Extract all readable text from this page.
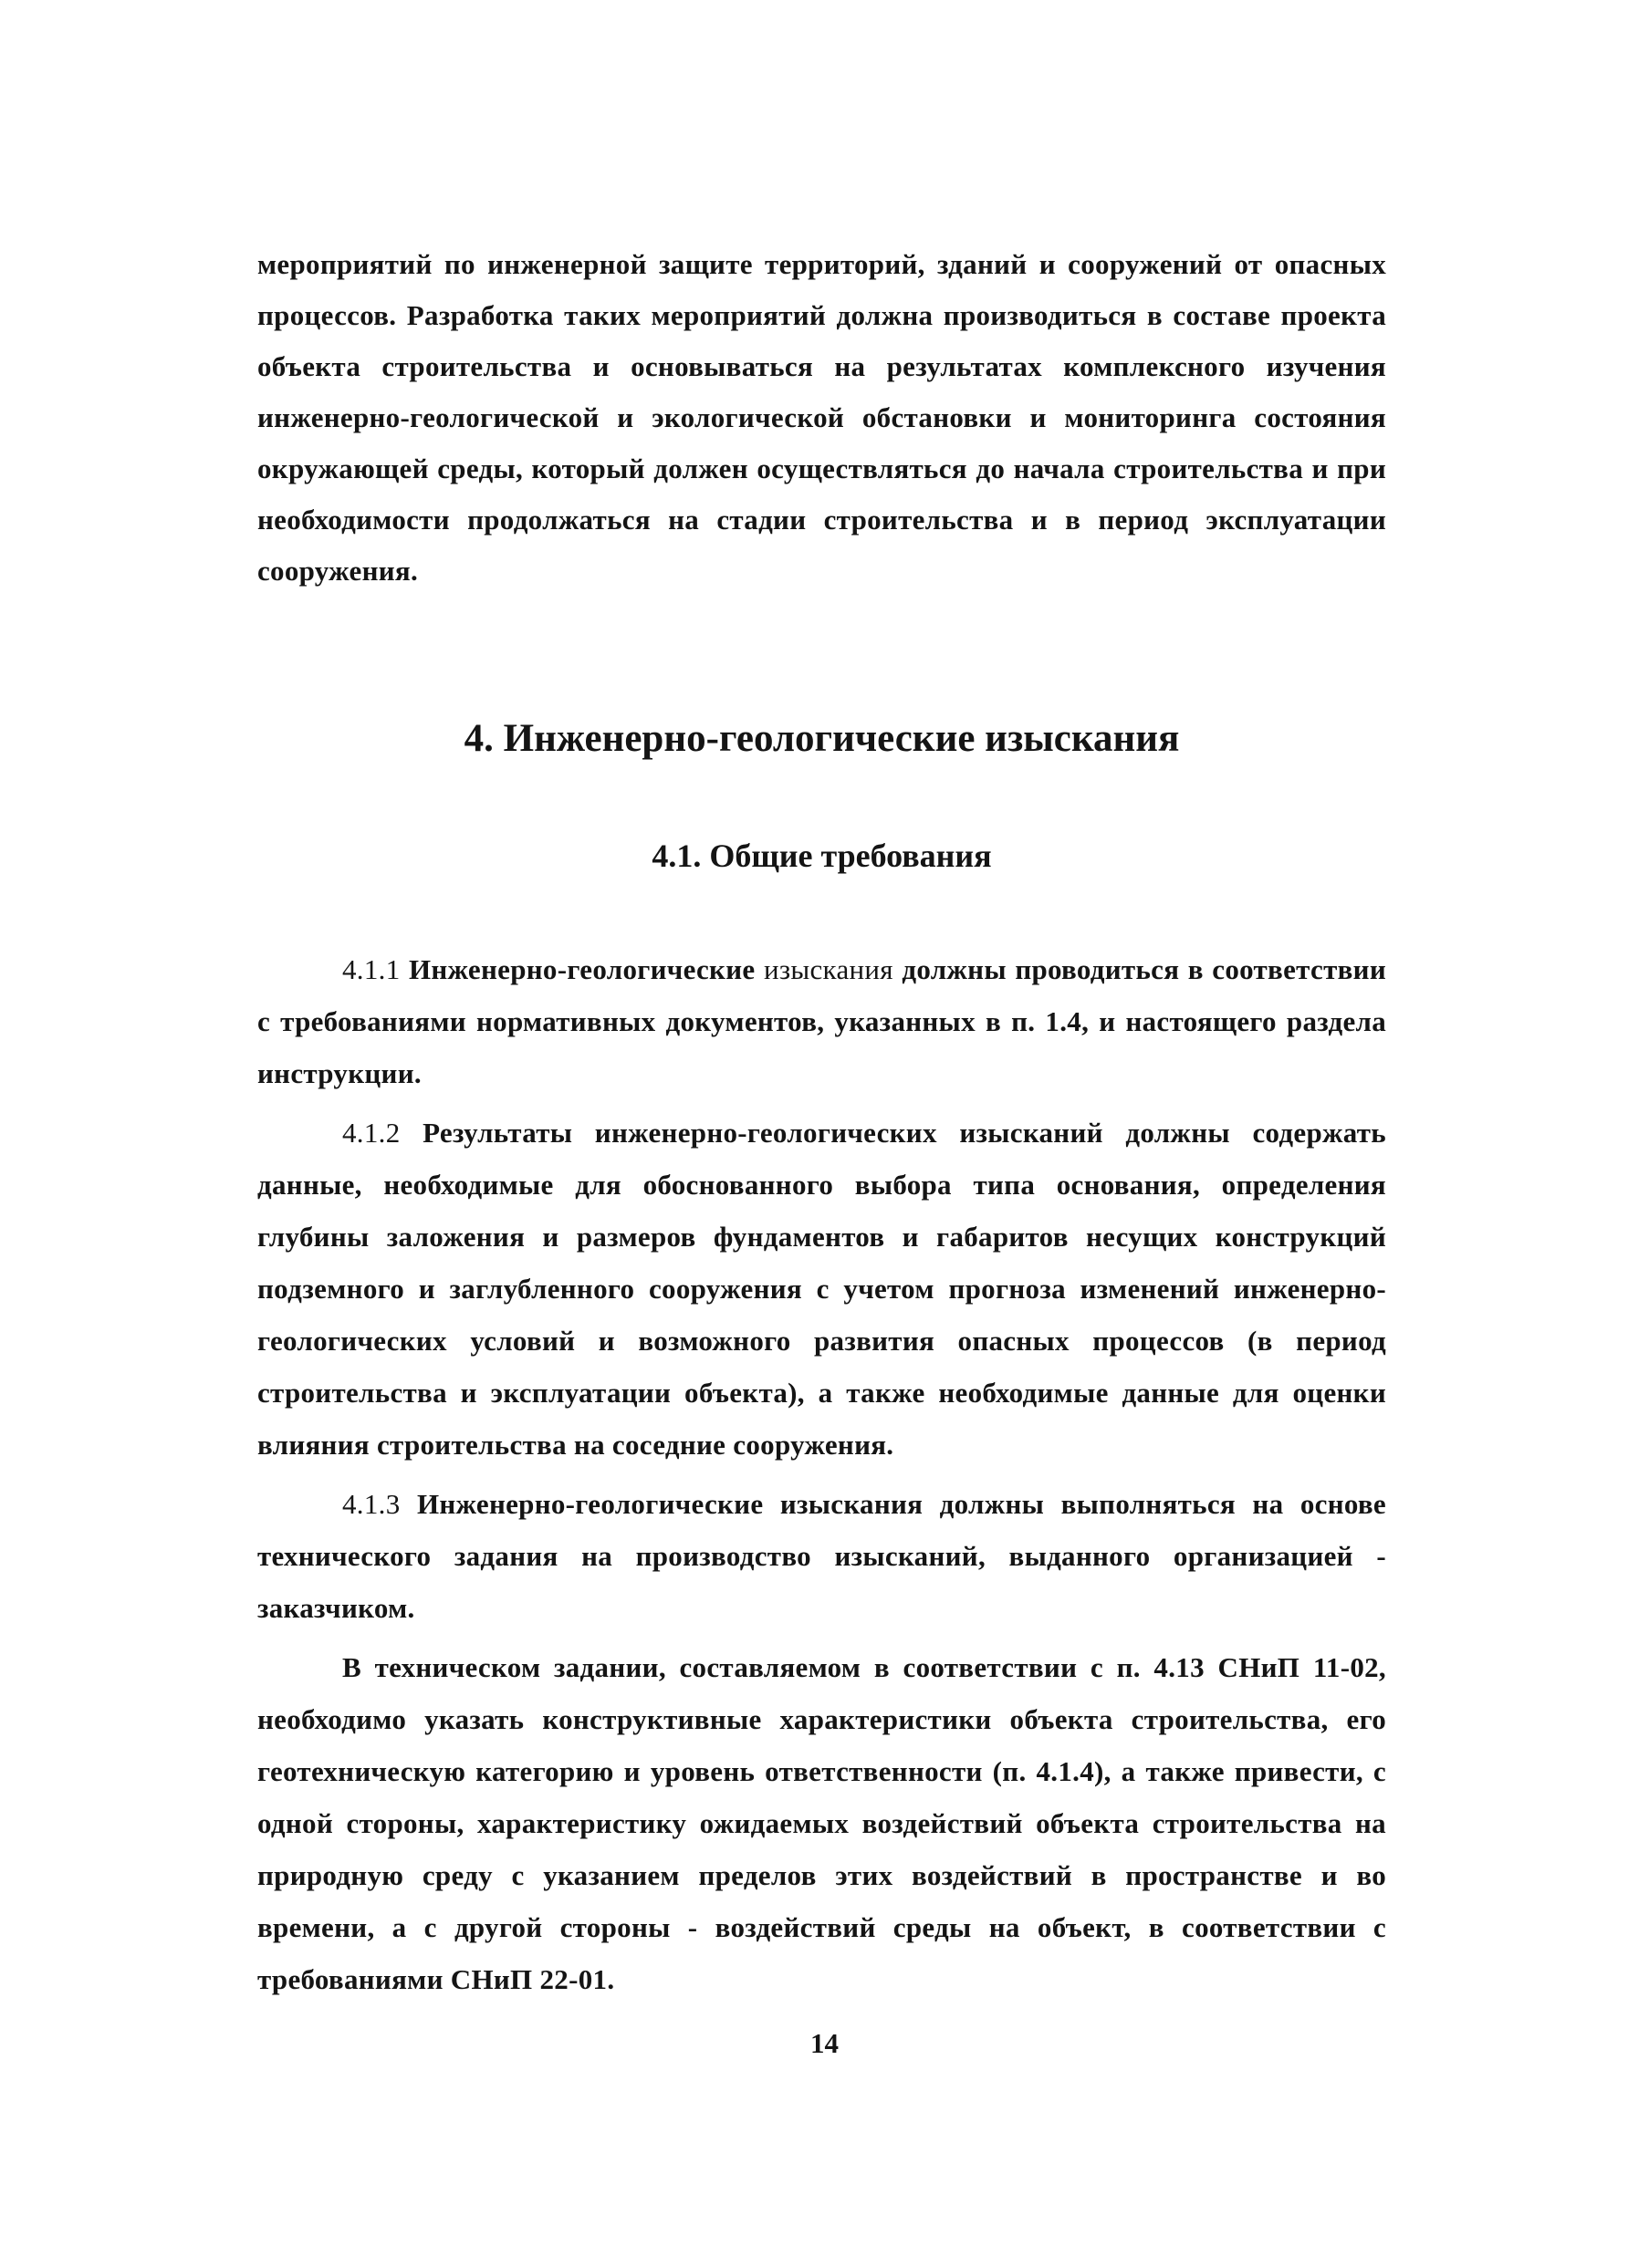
мероприятий по инженерной защите территорий, зданий и сооружений от опасных процессов. Разработка таких мероприятий должна производиться в составе проекта объекта строительства и основываться на результатах комплексного изучения инженерно-геологической и экологической обстановки и мониторинга состояния окружающей среды, который должен осуществляться до начала строительства и при необходимости продолжаться на стадии строительства и в период эксплуатации сооружения.
4. Инженерно-геологические изыскания
4.1. Общие требования

4.1.1 Инженерно-геологические изыскания должны проводиться в соответствии с требованиями нормативных документов, указанных в п. 1.4, и настоящего раздела инструкции.

4.1.2 Результаты инженерно-геологических изысканий должны содержать данные, необходимые для обоснованного выбора типа основания, определения глубины заложения и размеров фундаментов и габаритов несущих конструкций подземного и заглубленного сооружения с учетом прогноза изменений инженерно-геологических условий и возможного развития опасных процессов (в период строительства и эксплуатации объекта), а также необходимые данные для оценки влияния строительства на соседние сооружения.

4.1.3 Инженерно-геологические изыскания должны выполняться на основе технического задания на производство изысканий, выданного организацией - заказчиком.

В техническом задании, составляемом в соответствии с п. 4.13 СНиП 11-02, необходимо указать конструктивные характеристики объекта строительства, его геотехническую категорию и уровень ответственности (п. 4.1.4), а также привести, с одной стороны, характеристику ожидаемых воздействий объекта строительства на природную среду с указанием пределов этих воздействий в пространстве и во времени, а с другой стороны - воздействий среды на объект, в соответствии с требованиями СНиП 22-01.

14
